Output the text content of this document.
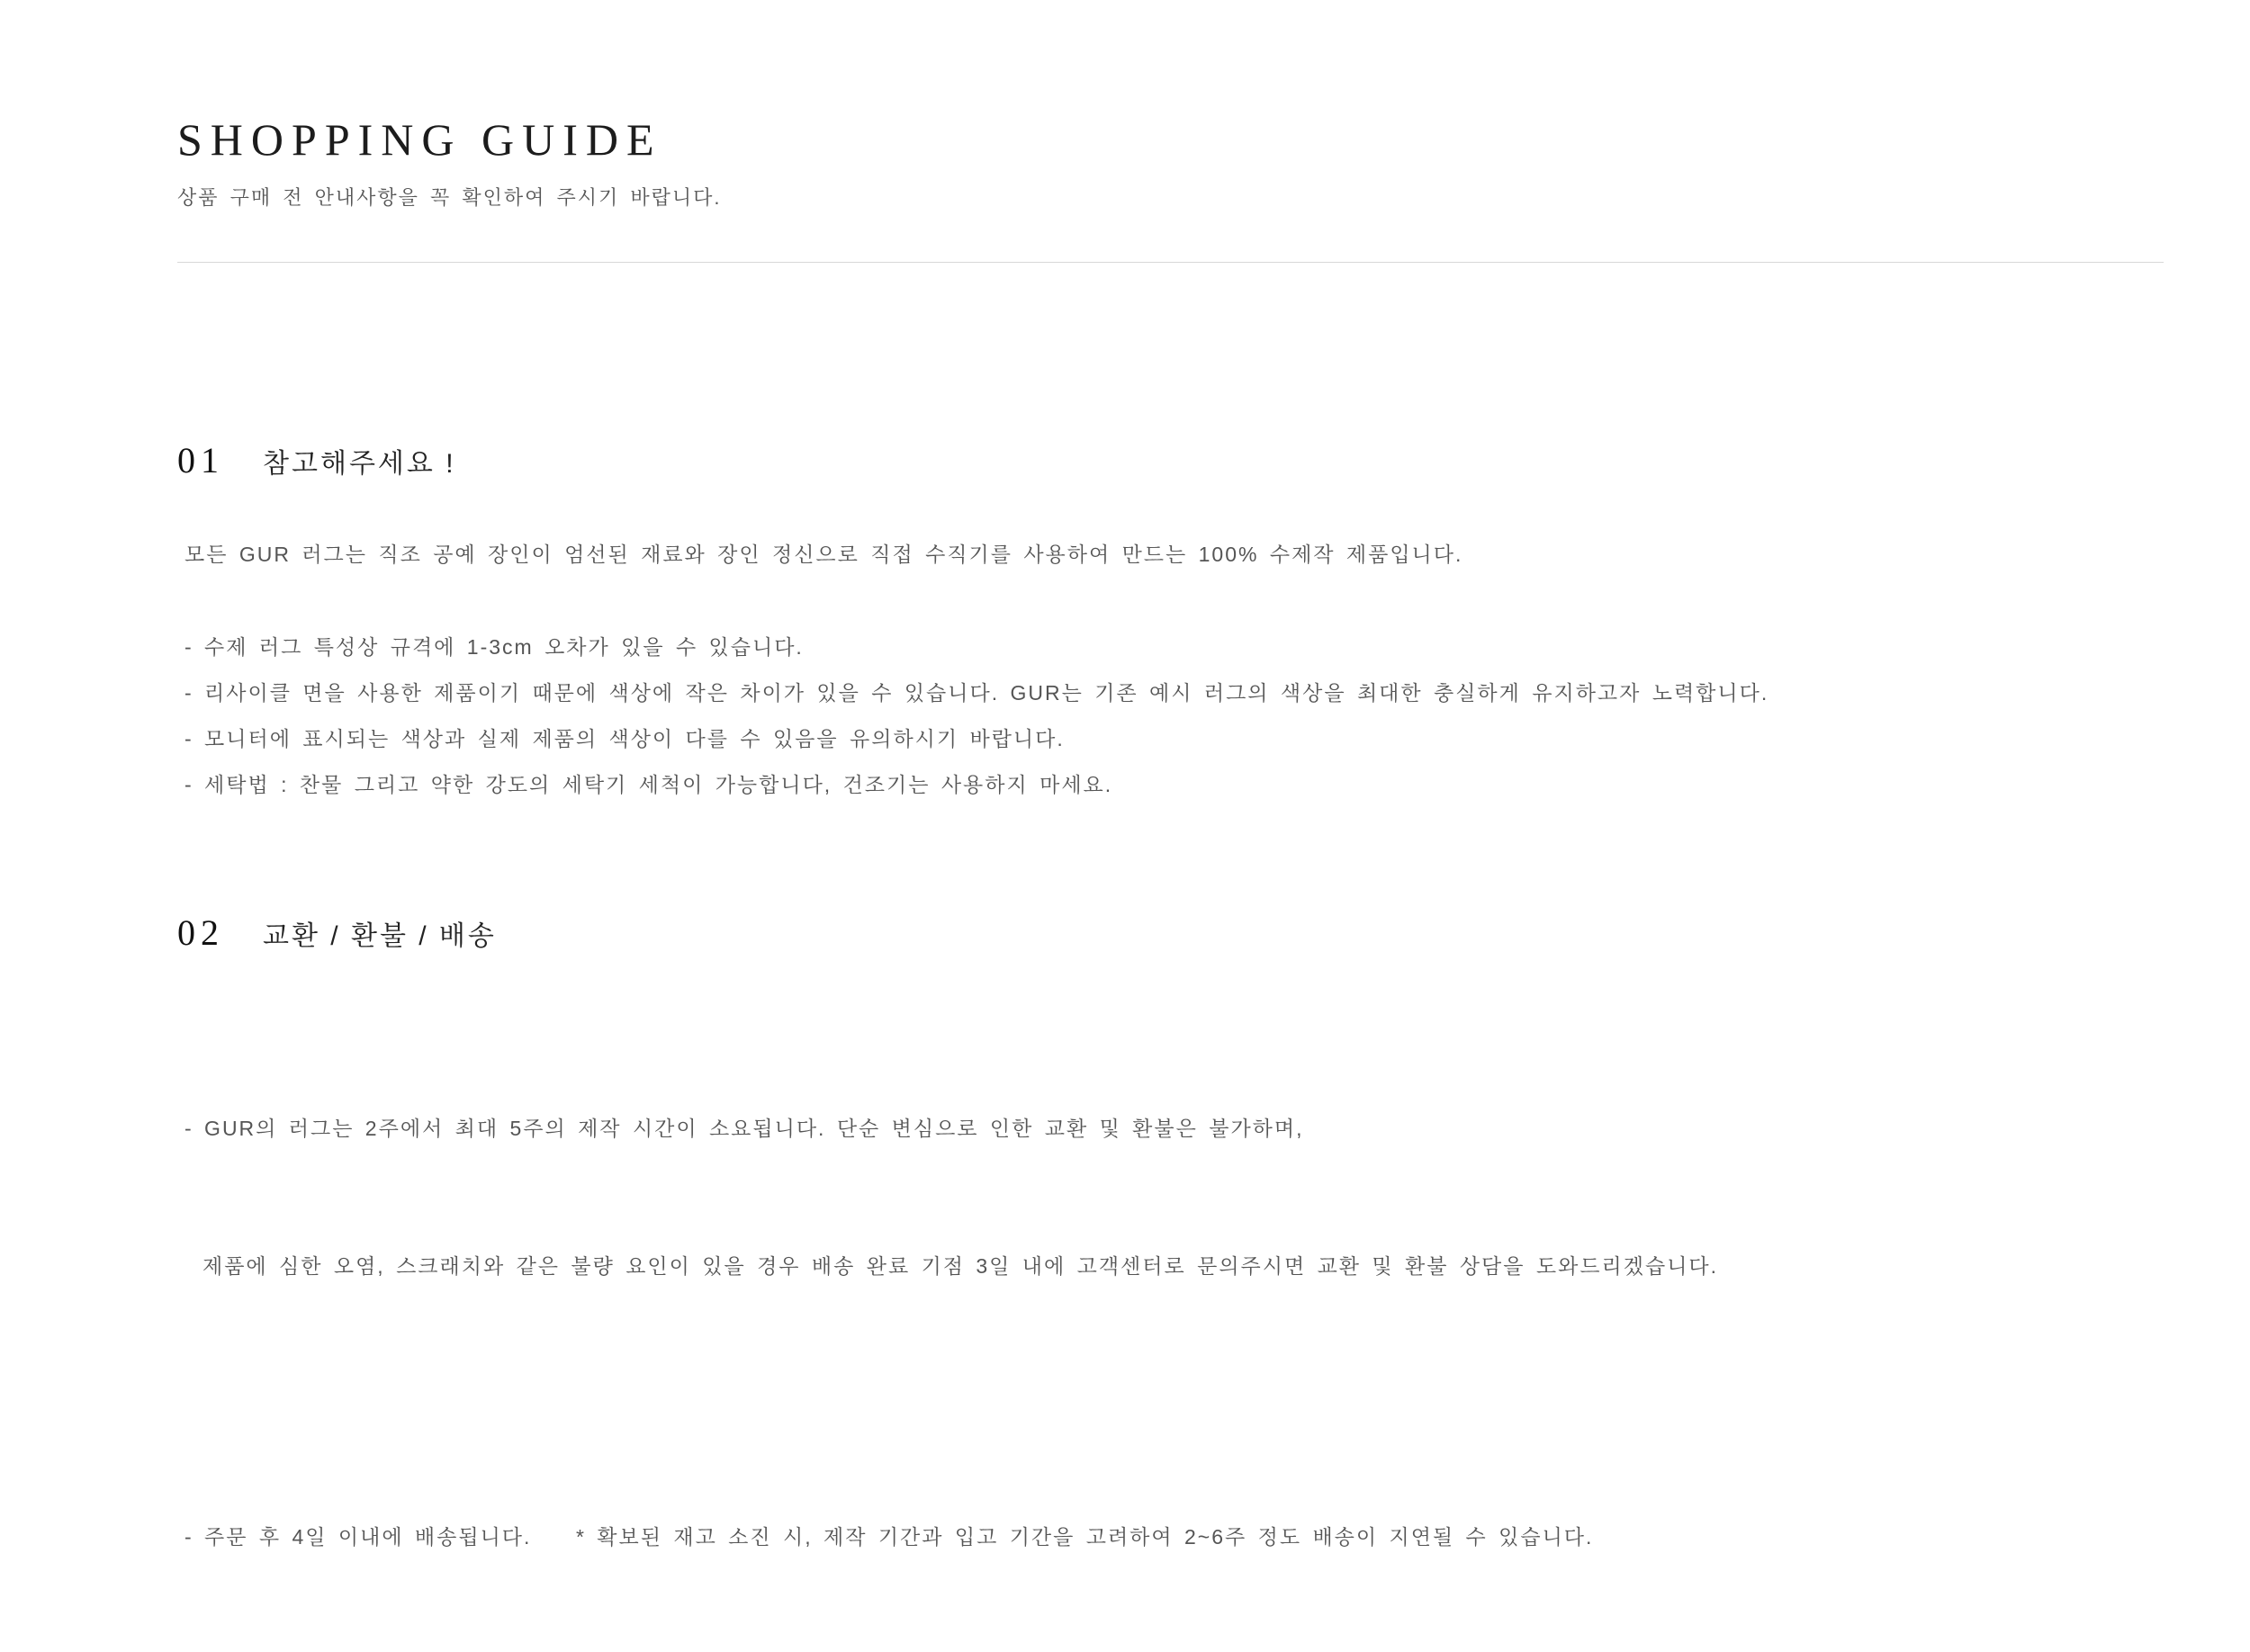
SHOPPING GUIDE

상품 구매 전 안내사항을 꼭 확인하여 주시기 바랍니다.

01 참고해주세요 !

모든 GUR 러그는 직조 공예 장인이 엄선된 재료와 장인 정신으로 직접 수직기를 사용하여 만드는 100% 수제작 제품입니다.

- 수제 러그 특성상 규격에 1-3cm 오차가 있을 수 있습니다.
- 리사이클 면을 사용한 제품이기 때문에 색상에 작은 차이가 있을 수 있습니다. GUR는 기존 예시 러그의 색상을 최대한 충실하게 유지하고자 노력합니다.
- 모니터에 표시되는 색상과 실제 제품의 색상이 다를 수 있음을 유의하시기 바랍니다.
- 세탁법 : 찬물 그리고 약한 강도의 세탁기 세척이 가능합니다, 건조기는 사용하지 마세요.
02 교환 / 환불 / 배송

- GUR의 러그는 2주에서 최대 5주의 제작 시간이 소요됩니다. 단순 변심으로 인한 교환 및 환불은 불가하며,

제품에 심한 오염, 스크래치와 같은 불량 요인이 있을 경우 배송 완료 기점 3일 내에 고객센터로 문의주시면 교환 및 환불 상담을 도와드리겠습니다.

- 주문 후 4일 이내에 배송됩니다.    * 확보된 재고 소진 시, 제작 기간과 입고 기간을 고려하여 2~6주 정도 배송이 지연될 수 있습니다.
